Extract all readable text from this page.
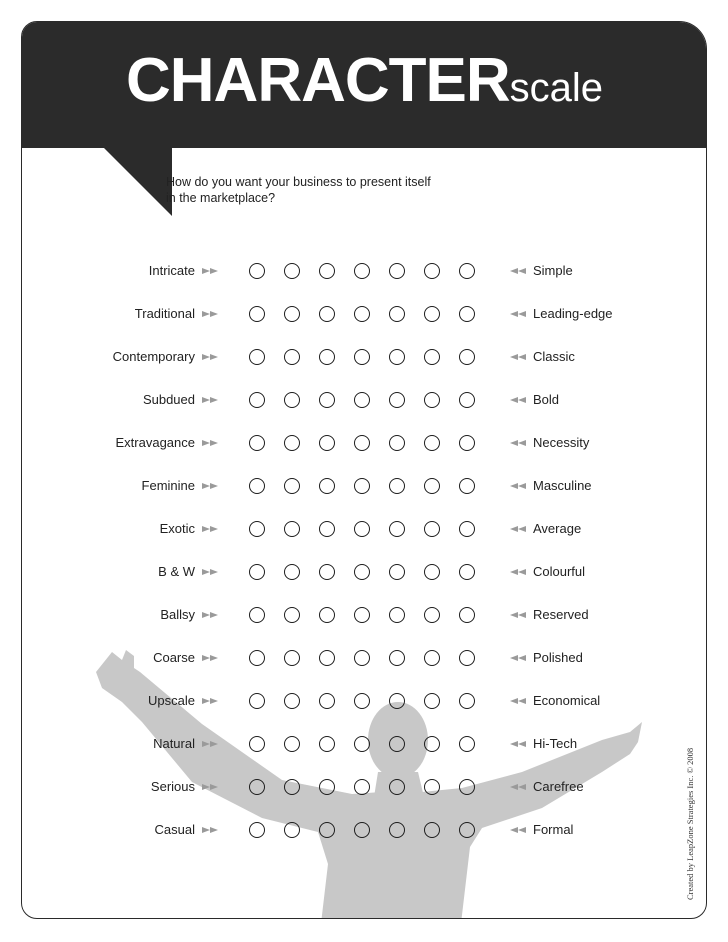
CHARACTERscale
How do you want your business to present itself
in the marketplace?
Intricate	Simple
Traditional	Leading-edge
Contemporary	Classic
Subdued	Bold
Extravagance	Necessity
Feminine	Masculine
Exotic	Average
B & W	Colourful
Ballsy	Reserved
Coarse	Polished
Upscale	Economical
Natural	Hi-Tech
Serious	Carefree
Casual	Formal	Created by LeapZone Strategies Inc. © 2008
